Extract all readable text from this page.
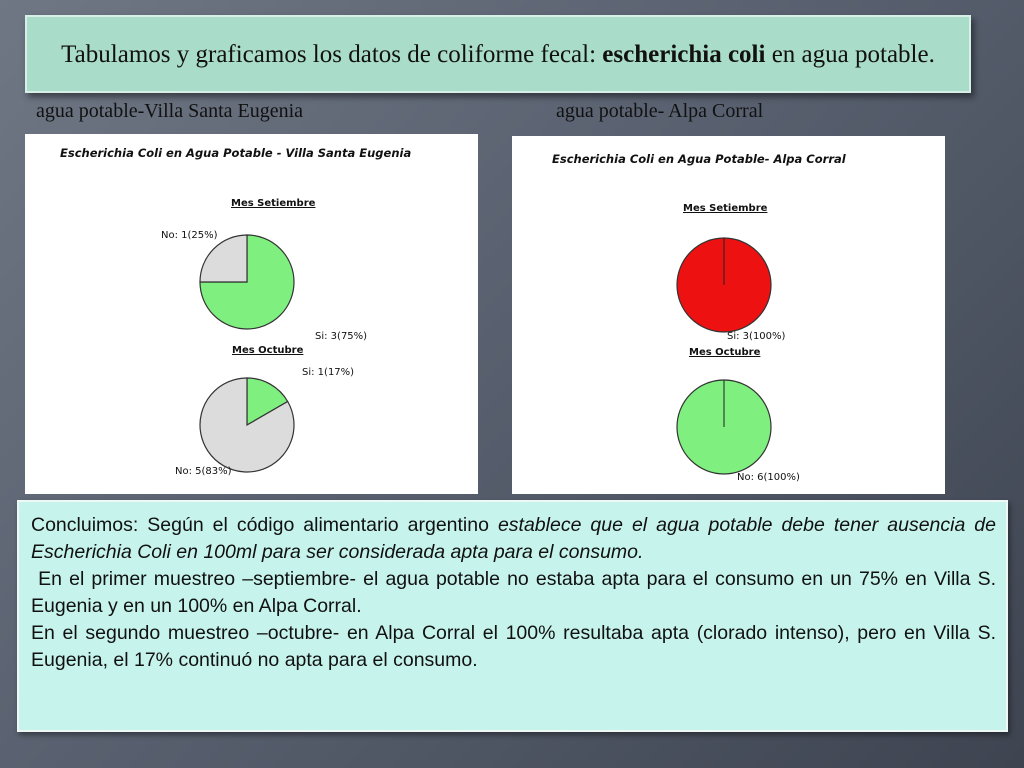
Tabulamos y graficamos los datos de coliforme fecal: escherichia coli en agua potable.
agua potable-Villa Santa Eugenia	agua potable- Alpa Corral
Escherichia Coli en Agua Potable - Villa Santa Eugenia
Mes Setiembre
No: 1(25%)
Si: 3(75%)
Mes Octubre
Si: 1(17%)
No: 5(83%)
Escherichia Coli en Agua Potable- Alpa Corral
Mes Setiembre
Si: 3(100%)
Mes Octubre
No: 6(100%)

Concluimos: Según el código alimentario argentino establece que el agua potable debe tener ausencia de Escherichia Coli en 100ml para ser considerada apta para el consumo.

En el primer muestreo –septiembre- el agua potable no estaba apta para el consumo en un 75% en Villa S. Eugenia y en un 100% en Alpa Corral.

En el segundo muestreo –octubre- en Alpa Corral el 100% resultaba apta (clorado intenso), pero en Villa S. Eugenia, el 17% continuó no apta para el consumo.
